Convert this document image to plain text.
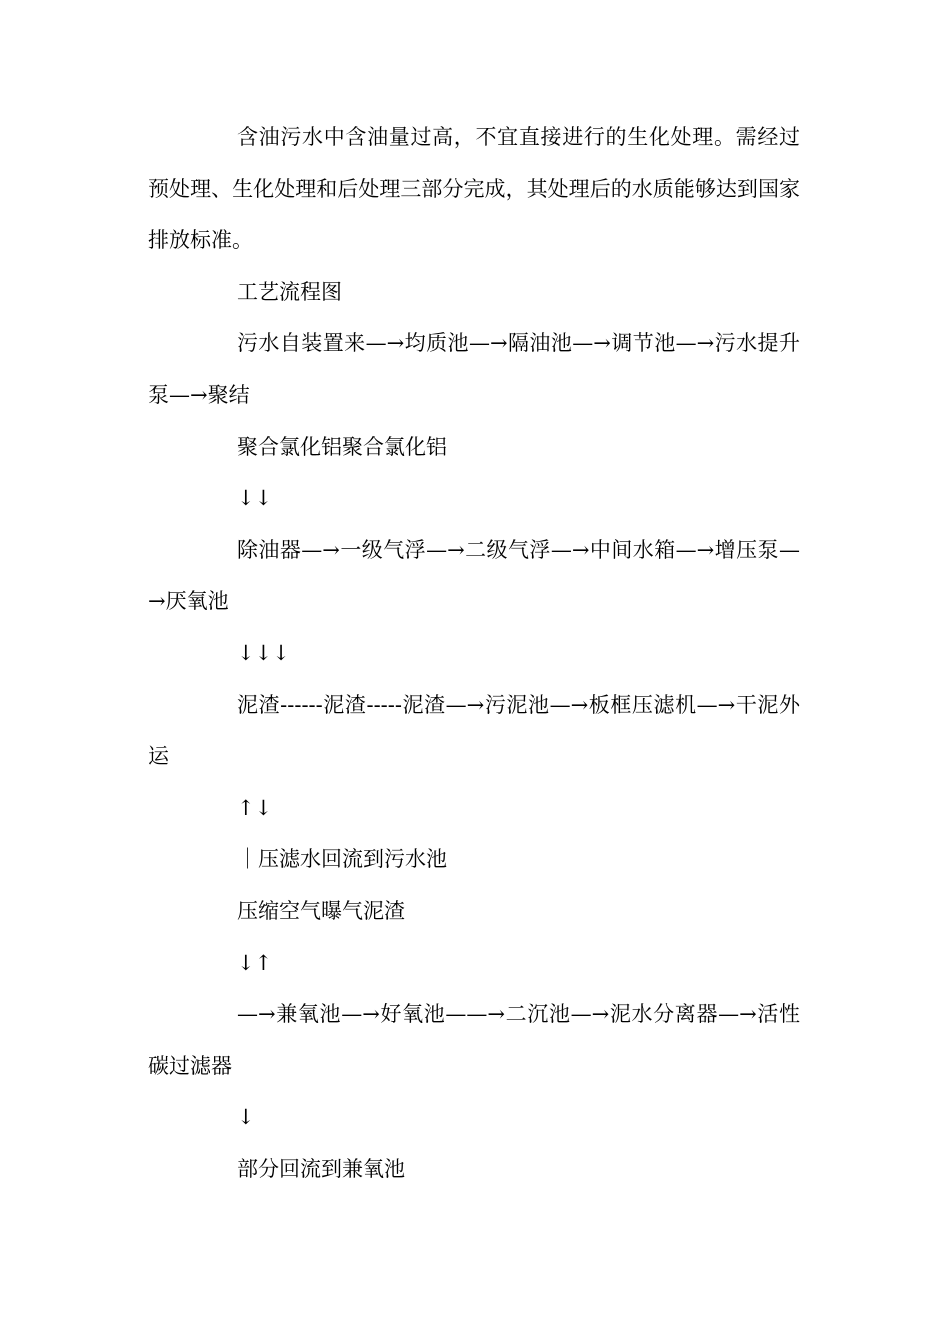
含油污水中含油量过高，不宜直接进行的生化处理。需经过预处理、生化处理和后处理三部分完成，其处理后的水质能够达到国家排放标准。

工艺流程图

污水自装置来—→均质池—→隔油池—→调节池—→污水提升泵—→聚结

聚合氯化铝聚合氯化铝

↓↓

除油器—→一级气浮—→二级气浮—→中间水箱—→增压泵—→厌氧池

↓↓↓

泥渣------泥渣-----泥渣—→污泥池—→板框压滤机—→干泥外运

↑↓

｜压滤水回流到污水池

压缩空气曝气泥渣

↓↑

—→兼氧池—→好氧池——→二沉池—→泥水分离器—→活性碳过滤器

↓

部分回流到兼氧池
